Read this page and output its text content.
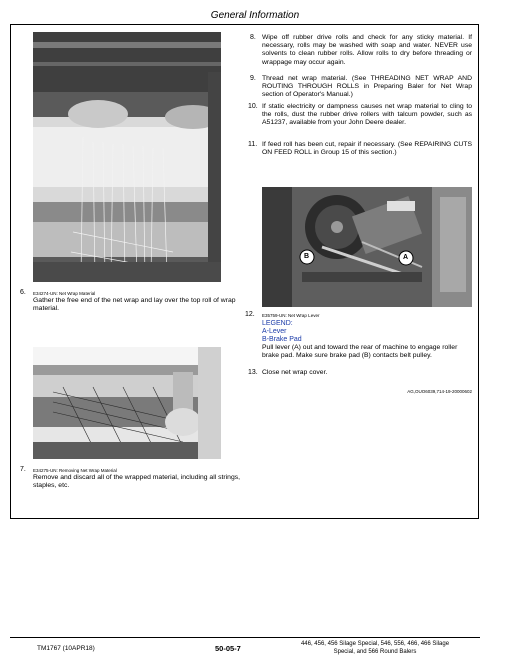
General Information
6. E34274-UN: Net Wrap Material
Gather the free end of the net wrap and lay over the top roll of wrap material.
7. E34275-UN: Removing Net Wrap Material
Remove and discard all of the wrapped material, including all strings, staples, etc.
8. Wipe off rubber drive rolls and check for any sticky material. If necessary, rolls may be washed with soap and water. NEVER use solvents to clean rubber rolls. Allow rolls to dry before threading or wrappage may occur again.
9. Thread net wrap material. (See THREADING NET WRAP AND ROUTING THROUGH ROLLS in Preparing Baler for Net Wrap section of Operator's Manual.)
10. If static electricity or dampness causes net wrap material to cling to the rolls, dust the rubber drive rollers with talcum powder, such as A51237, available from your John Deere dealer.
11. If feed roll has been cut, repair if necessary. (See REPAIRING CUTS ON FEED ROLL in Group 15 of this section.)
B	A
12. E35759-UN: Net Wrap Lever
LEGEND:
A-Lever
B-Brake Pad
Pull lever (A) out and toward the rear of machine to engage roller brake pad. Make sure brake pad (B) contacts belt pulley.
13. Close net wrap cover.
AG,OUO6039,714-19-20000602
TM1767 (10APR18)	50-05-7	446, 456, 456 Silage Special, 546, 556, 466, 466 Silage
Special, and 566 Round Balers
